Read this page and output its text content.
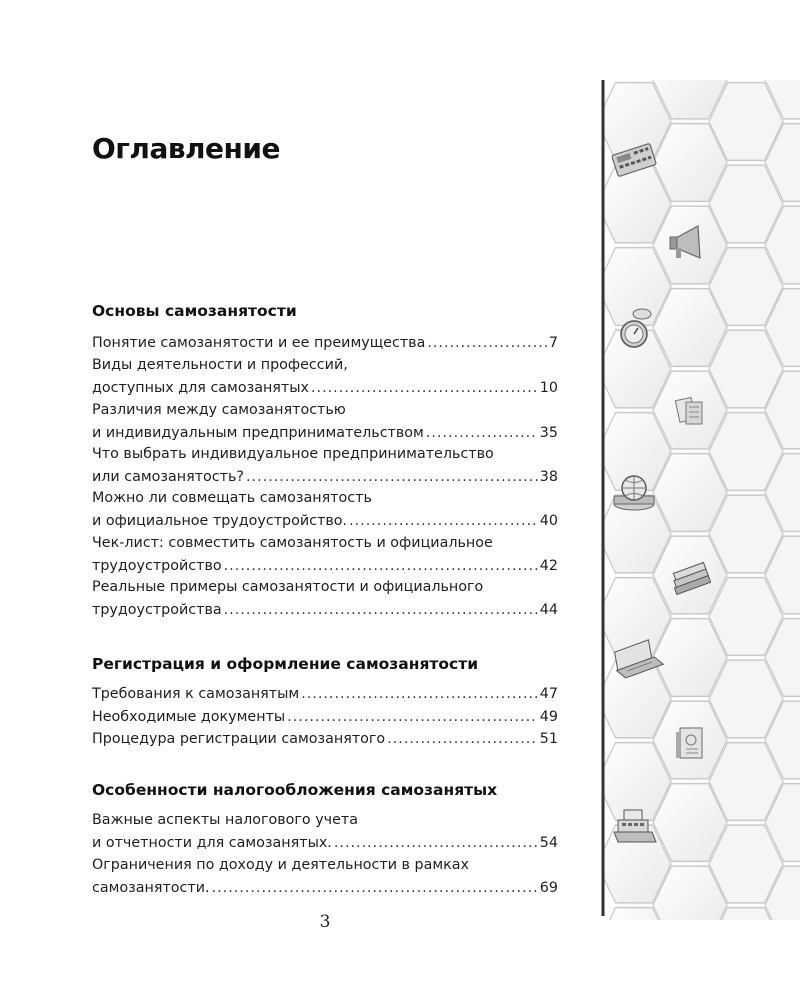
Оглавление
Основы самозанятости
Понятие самозанятости и ее преимущества .....	7
Виды деятельности и профессий,
доступных для самозанятых .....	10
Различия между самозанятостью
и индивидуальным предпринимательством .....	35
Что выбрать индивидуальное предпринимательство
или самозанятость? .....	38
Можно ли совмещать самозанятость
и официальное трудоустройство. .....	40
Чек-лист: совместить самозанятость и официальное
трудоустройство .....	42
Реальные примеры самозанятости и официального
трудоустройства .....	44
Регистрация и оформление самозанятости
Требования к самозанятым .....	47
Необходимые документы .....	49
Процедура регистрации самозанятого .....	51
Особенности налогообложения самозанятых
Важные аспекты налогового учета
и отчетности для самозанятых. .....	54
Ограничения по доходу и деятельности в рамках
самозанятости. .....	69
3
